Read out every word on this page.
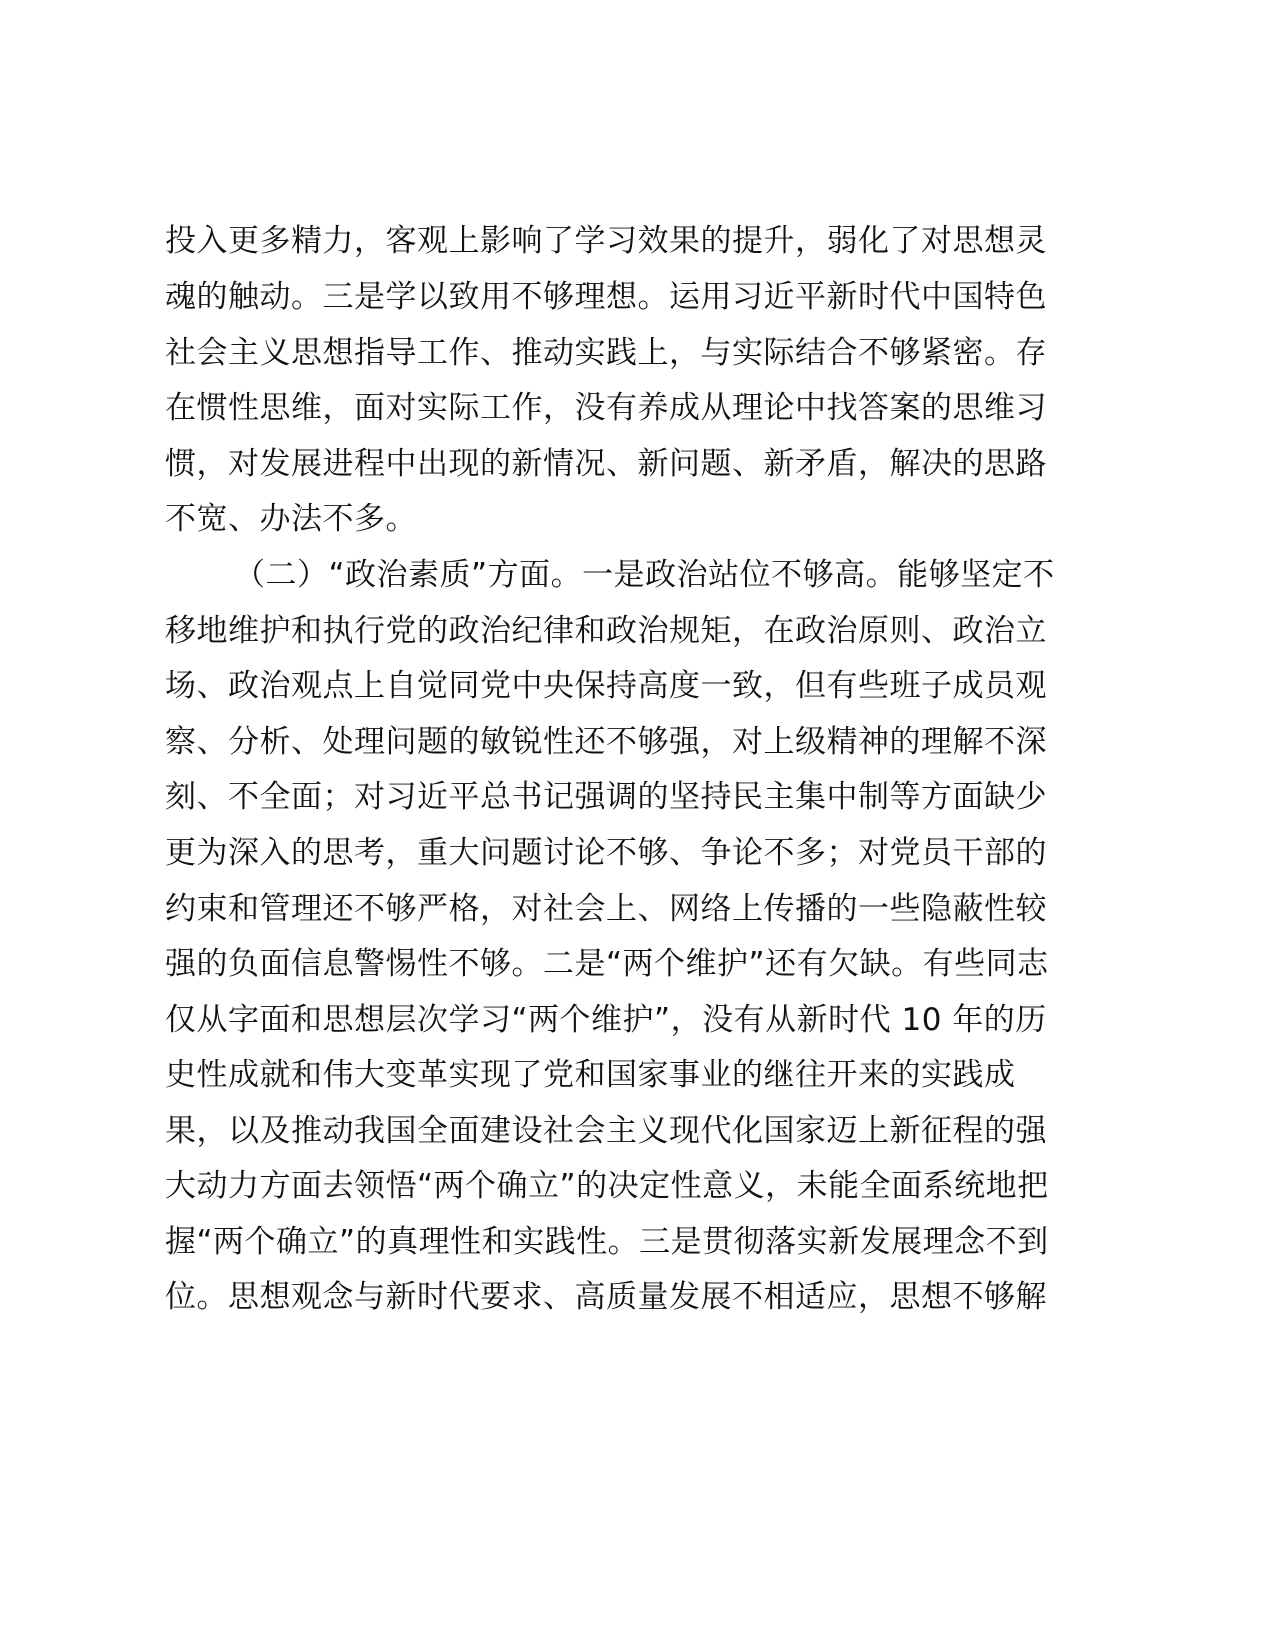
投入更多精力，客观上影响了学习效果的提升，弱化了对思想灵
魂的触动。三是学以致用不够理想。运用习近平新时代中国特色
社会主义思想指导工作、推动实践上，与实际结合不够紧密。存
在惯性思维，面对实际工作，没有养成从理论中找答案的思维习
惯，对发展进程中出现的新情况、新问题、新矛盾，解决的思路
不宽、办法不多。
（二）“政治素质”方面。一是政治站位不够高。能够坚定不
移地维护和执行党的政治纪律和政治规矩，在政治原则、政治立
场、政治观点上自觉同党中央保持高度一致，但有些班子成员观
察、分析、处理问题的敏锐性还不够强，对上级精神的理解不深
刻、不全面；对习近平总书记强调的坚持民主集中制等方面缺少
更为深入的思考，重大问题讨论不够、争论不多；对党员干部的
约束和管理还不够严格，对社会上、网络上传播的一些隐蔽性较
强的负面信息警惕性不够。二是“两个维护”还有欠缺。有些同志
仅从字面和思想层次学习“两个维护”，没有从新时代 10 年的历
史性成就和伟大变革实现了党和国家事业的继往开来的实践成
果，以及推动我国全面建设社会主义现代化国家迈上新征程的强
大动力方面去领悟“两个确立”的决定性意义，未能全面系统地把
握“两个确立”的真理性和实践性。三是贯彻落实新发展理念不到
位。思想观念与新时代要求、高质量发展不相适应，思想不够解
